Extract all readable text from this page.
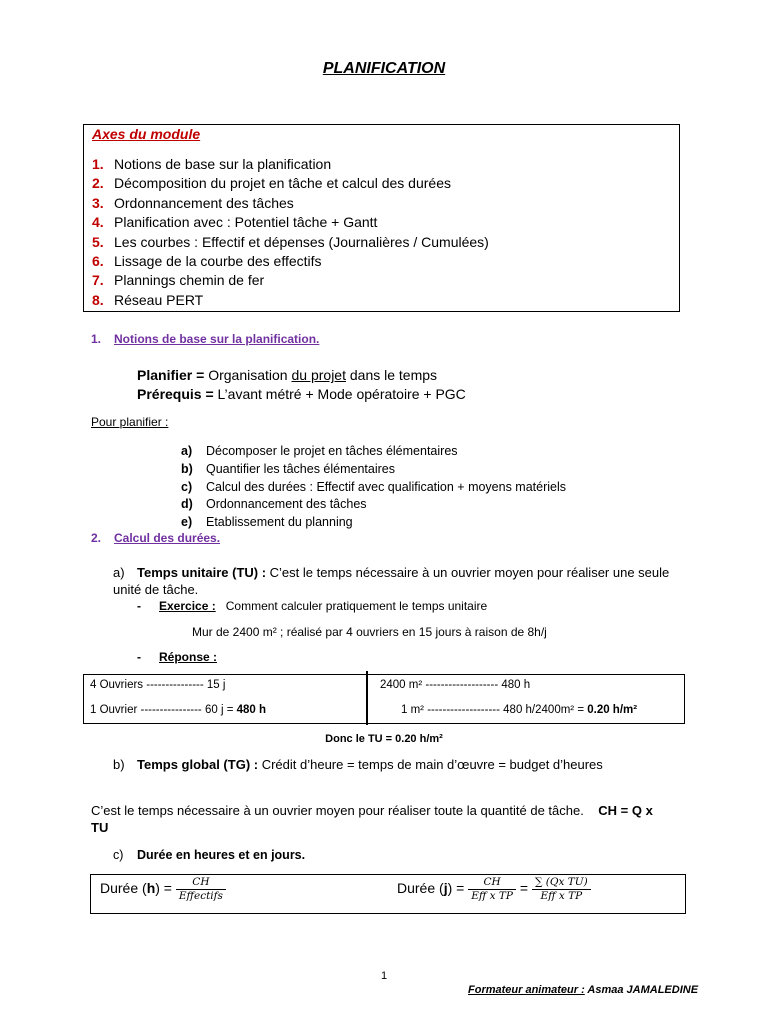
PLANIFICATION
Axes du module
1. Notions de base sur la planification
2. Décomposition du projet en tâche et calcul des durées
3. Ordonnancement des tâches
4. Planification avec : Potentiel tâche + Gantt
5. Les courbes : Effectif et dépenses (Journalières / Cumulées)
6. Lissage de la courbe des effectifs
7. Plannings chemin de fer
8. Réseau PERT
1. Notions de base sur la planification.
Planifier = Organisation du projet dans le temps
Prérequis = L’avant métré + Mode opératoire + PGC
Pour planifier :
a) Décomposer le projet en tâches élémentaires
b) Quantifier les tâches élémentaires
c) Calcul des durées : Effectif avec qualification + moyens matériels
d) Ordonnancement des tâches
e) Etablissement du planning
2. Calcul des durées.
a) Temps unitaire (TU) : C’est le temps nécessaire à un ouvrier moyen pour réaliser une seule unité de tâche.
- Exercice : Comment calculer pratiquement le temps unitaire
Mur de 2400 m² ; réalisé par 4 ouvriers en 15 jours à raison de 8h/j
- Réponse :
4 Ouvriers --------------- 15 j	2400 m² ------------------- 480 h
1 Ouvrier ---------------- 60 j = 480 h	1 m² ------------------- 480 h/2400m² = 0.20 h/m²
Donc le TU = 0.20 h/m²
b) Temps global (TG) : Crédit d’heure = temps de main d’œuvre = budget d’heures
C’est le temps nécessaire à un ouvrier moyen pour réaliser toute la quantité de tâche. CH = Q x TU
c) Durée en heures et en jours.
Durée $(h) = \frac{CH}{\text{Effectifs}}$	Durée $(j) = \frac{CH}{\text{Eff x TP}} = \frac{\text{∑ (Qx TU)}}{\text{Eff x TP}}$
1
Formateur animateur : Asmaa JAMALEDINE
